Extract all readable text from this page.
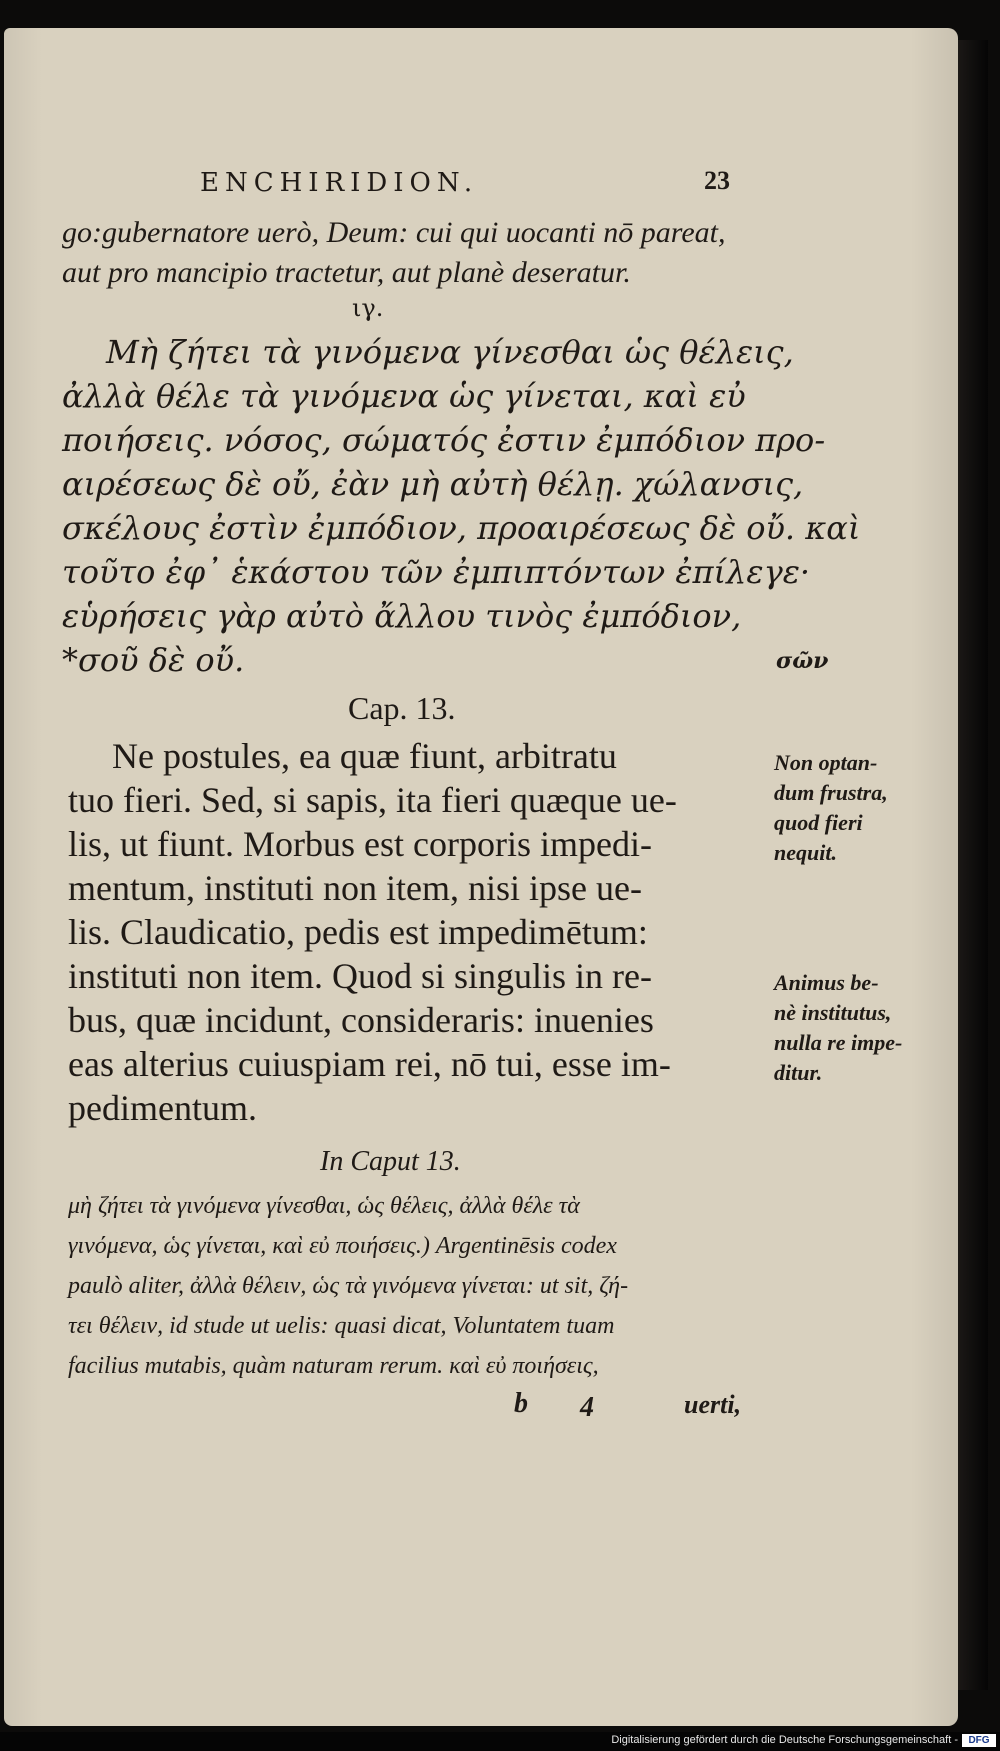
ENCHIRIDION.	23
go:gubernatore uerò, Deum: cui qui uocanti nō pareat,
aut pro mancipio tractetur, aut planè deseratur.
ιγ.
Μὴ ζήτει τὰ γινόμενα γίνεσθαι ὡς θέλεις,
ἀλλὰ θέλε τὰ γινόμενα ὡς γίνεται, καὶ εὐ
ποιήσεις. νόσος, σώματός ἐστιν ἐμπόδιον προ-
αιρέσεως δὲ οὔ, ἐὰν μὴ αὐτὴ θέλῃ. χώλανσις,
σκέλους ἐστὶν ἐμπόδιον, προαιρέσεως δὲ οὔ. καὶ
τοῦτο ἐφ᾽ ἑκάστου τῶν ἐμπιπτόντων ἐπίλεγε·
εὑρήσεις γὰρ αὐτὸ ἄλλου τινὸς ἐμπόδιον,
*σοῦ δὲ οὔ.	σῶν
Cap. 13.
Ne postules, ea quæ fiunt, arbitratu
tuo fieri. Sed, si sapis, ita fieri quæque ue-
lis, ut fiunt. Morbus est corporis impedi-
mentum, instituti non item, nisi ipse ue-
lis. Claudicatio, pedis est impedimētum:
instituti non item. Quod si singulis in re-
bus, quæ incidunt, consideraris: inuenies
eas alterius cuiuspiam rei, nō tui, esse im-
pedimentum.
Non optan-
dum frustra,
quod fieri
nequit.
Animus be-
nè institutus,
nulla re impe-
ditur.
In Caput 13.
μὴ ζήτει τὰ γινόμενα γίνεσθαι, ὡς θέλεις, ἀλλὰ θέλε τὰ
γινόμενα, ὡς γίνεται, καὶ εὐ ποιήσεις.) Argentinēsis codex
paulò aliter, ἀλλὰ θέλειν, ὡς τὰ γινόμενα γίνεται: ut sit, ζή-
τει θέλειν, id stude ut uelis: quasi dicat, Voluntatem tuam
facilius mutabis, quàm naturam rerum. καὶ εὐ ποιήσεις,
b 4	uerti,
Digitalisierung gefördert durch die Deutsche Forschungsgemeinschaft -	DFG
